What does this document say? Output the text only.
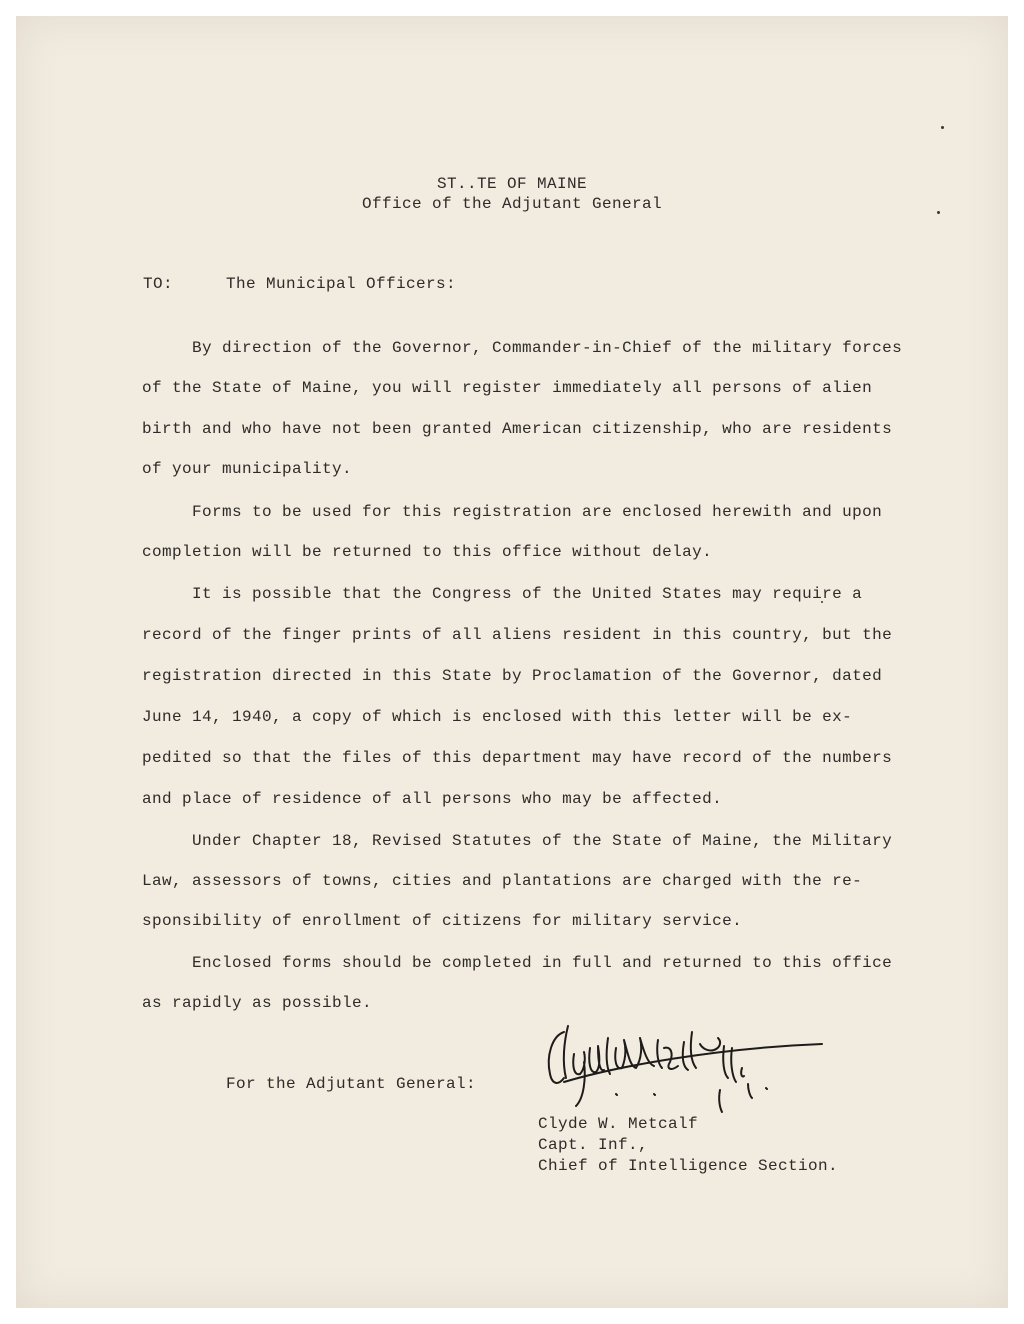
ST..TE OF MAINE
Office of the Adjutant General
TO:	The Municipal Officers:
By direction of the Governor, Commander-in-Chief of the military forces
of the State of Maine, you will register immediately all persons of alien
birth and who have not been granted American citizenship, who are residents
of your municipality.
Forms to be used for this registration are enclosed herewith and upon
completion will be returned to this office without delay.
It is possible that the Congress of the United States may require a
record of the finger prints of all aliens resident in this country, but the
registration directed in this State by Proclamation of the Governor, dated
June 14, 1940, a copy of which is enclosed with this letter will be ex-
pedited so that the files of this department may have record of the numbers
and place of residence of all persons who may be affected.
Under Chapter 18, Revised Statutes of the State of Maine, the Military
Law, assessors of towns, cities and plantations are charged with the re-
sponsibility of enrollment of citizens for military service.
Enclosed forms should be completed in full and returned to this office
as rapidly as possible.
For the Adjutant General:
Clyde W. Metcalf
Capt. Inf.,
Chief of Intelligence Section.
